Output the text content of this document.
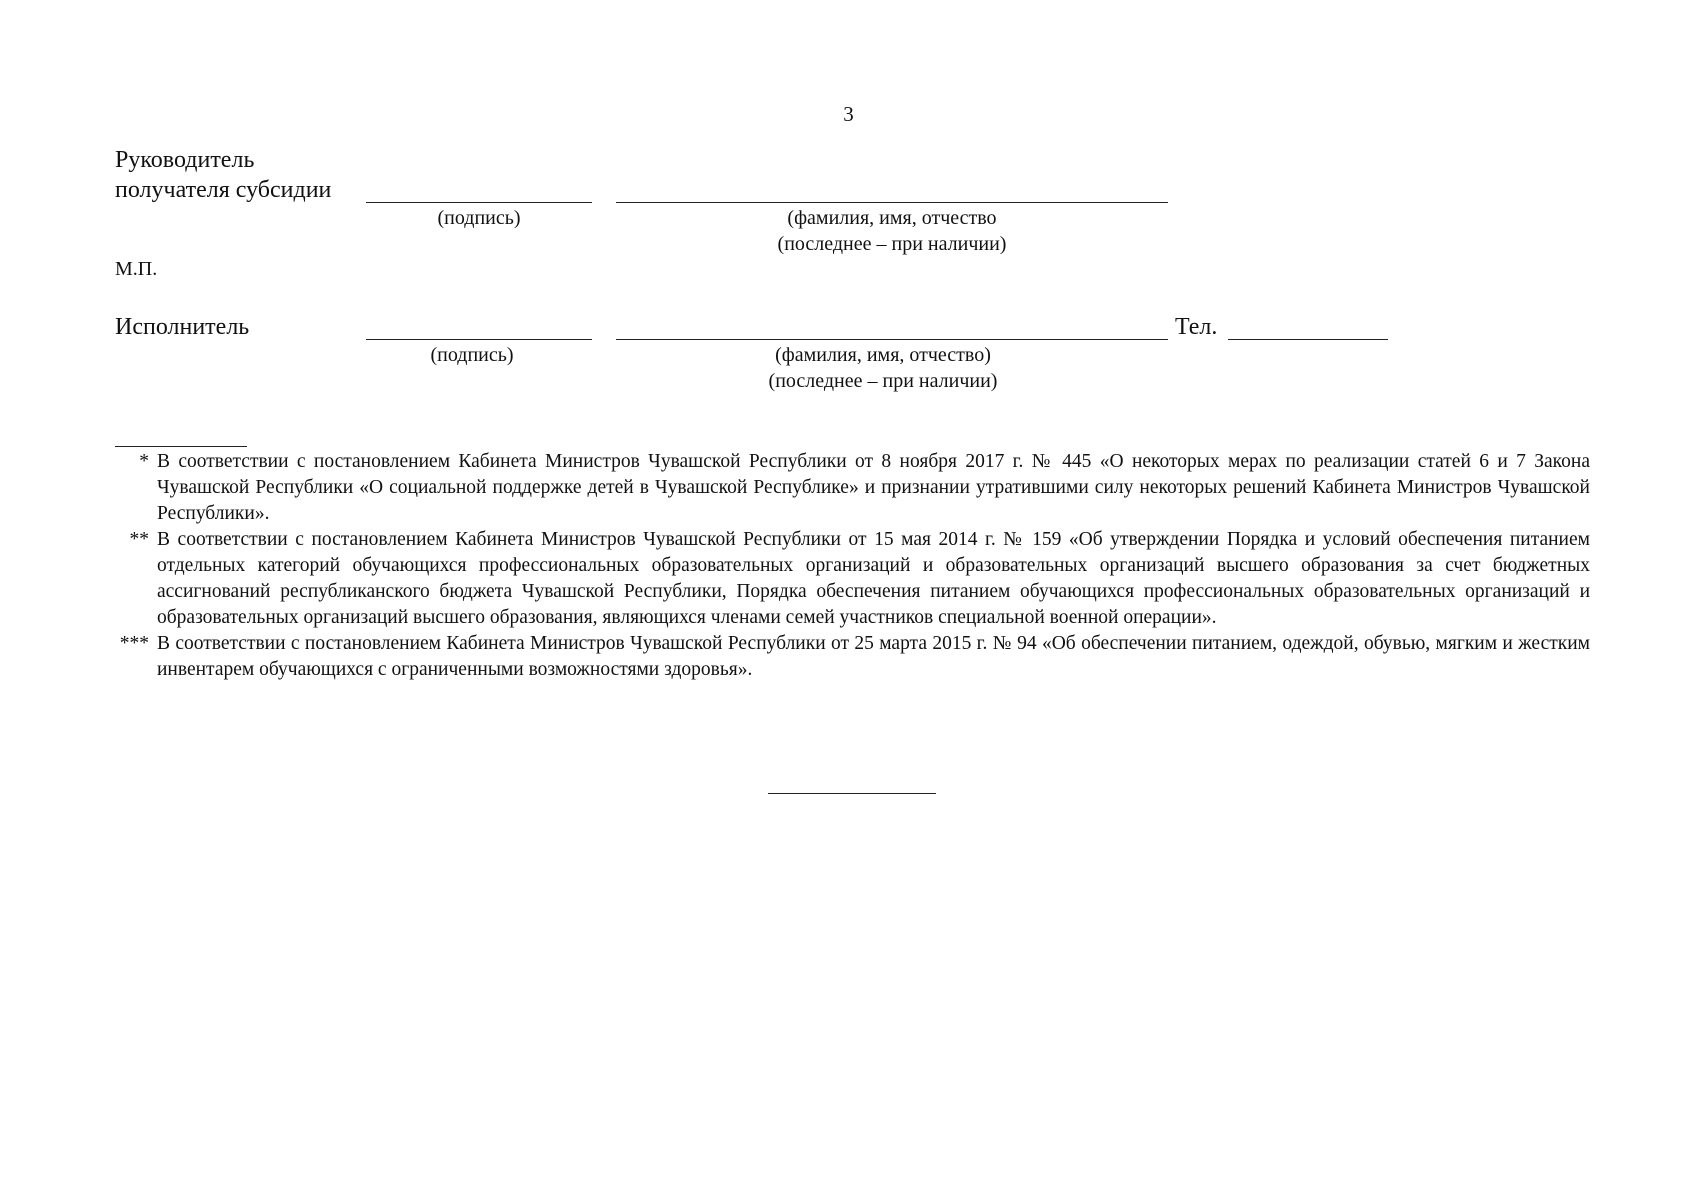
3
Руководитель
получателя субсидии
(подпись)	(фамилия, имя, отчество
(последнее – при наличии)
М.П.
Исполнитель	Тел.
(подпись)	(фамилия, имя, отчество)
(последнее – при наличии)
* В соответствии с постановлением Кабинета Министров Чувашской Республики от 8 ноября 2017 г. № 445 «О некоторых мерах по реализации статей 6 и 7 Закона Чувашской Республики «О социальной поддержке детей в Чувашской Республике» и признании утратившими силу некоторых решений Кабинета Министров Чувашской Республики».
** В соответствии с постановлением Кабинета Министров Чувашской Республики от 15 мая 2014 г. № 159 «Об утверждении Порядка и условий обеспечения питанием отдельных категорий обучающихся профессиональных образовательных организаций и образовательных организаций высшего образования за счет бюджетных ассигнований республиканского бюджета Чувашской Республики, Порядка обеспечения питанием обучающихся профессиональных образовательных организаций и образовательных организаций высшего образования, являющихся членами семей участников специальной военной операции».
*** В соответствии с постановлением Кабинета Министров Чувашской Республики от 25 марта 2015 г. № 94 «Об обеспечении питанием, одеждой, обувью, мягким и жестким инвентарем обучающихся с ограниченными возможностями здоровья».
